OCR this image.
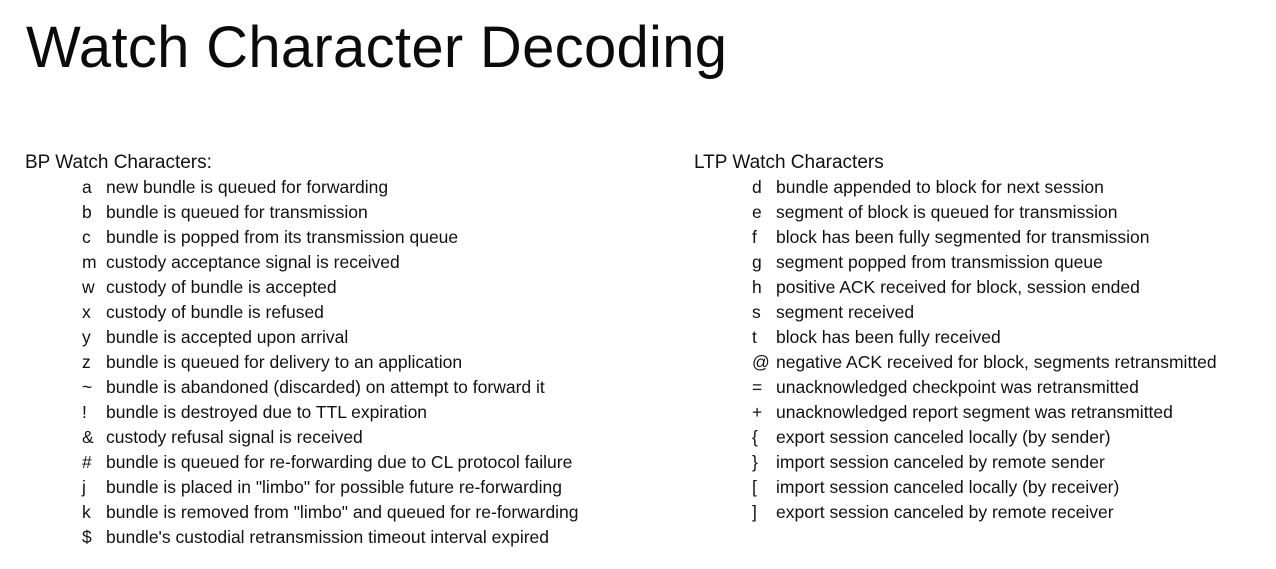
Watch Character Decoding
BP Watch Characters:
a new bundle is queued for forwarding
b bundle is queued for transmission
c bundle is popped from its transmission queue
m custody acceptance signal is received
w custody of bundle is accepted
x custody of bundle is refused
y bundle is accepted upon arrival
z bundle is queued for delivery to an application
~ bundle is abandoned (discarded) on attempt to forward it
! bundle is destroyed due to TTL expiration
& custody refusal signal is received
# bundle is queued for re-forwarding due to CL protocol failure
j bundle is placed in "limbo" for possible future re-forwarding
k bundle is removed from "limbo" and queued for re-forwarding
$ bundle's custodial retransmission timeout interval expired
LTP Watch Characters
d bundle appended to block for next session
e segment of block is queued for transmission
f block has been fully segmented for transmission
g segment popped from transmission queue
h positive ACK received for block, session ended
s segment received
t block has been fully received
@ negative ACK received for block, segments retransmitted
= unacknowledged checkpoint was retransmitted
+ unacknowledged report segment was retransmitted
{ export session canceled locally (by sender)
} import session canceled by remote sender
[ import session canceled locally (by receiver)
] export session canceled by remote receiver
